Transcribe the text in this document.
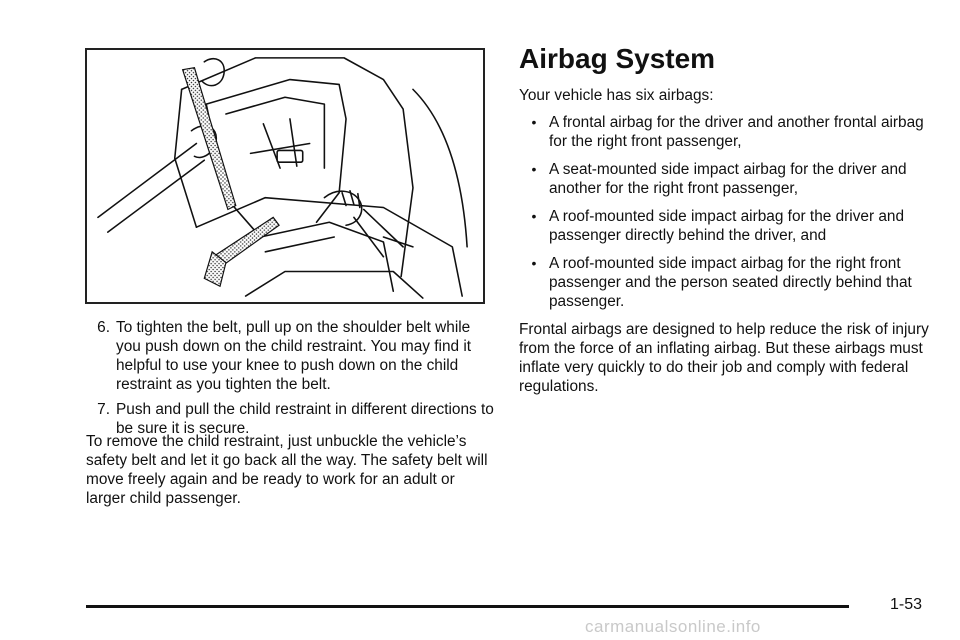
6. To tighten the belt, pull up on the shoulder belt while you push down on the child restraint. You may find it helpful to use your knee to push down on the child restraint as you tighten the belt.
7. Push and pull the child restraint in different directions to be sure it is secure.

To remove the child restraint, just unbuckle the vehicle’s safety belt and let it go back all the way. The safety belt will move freely again and be ready to work for an adult or larger child passenger.

Airbag System

Your vehicle has six airbags:

• A frontal airbag for the driver and another frontal airbag for the right front passenger,
• A seat-mounted side impact airbag for the driver and another for the right front passenger,
• A roof-mounted side impact airbag for the driver and passenger directly behind the driver, and
• A roof-mounted side impact airbag for the right front passenger and the person seated directly behind that passenger.

Frontal airbags are designed to help reduce the risk of injury from the force of an inflating airbag. But these airbags must inflate very quickly to do their job and comply with federal regulations.

1-53
carmanualsonline.info
